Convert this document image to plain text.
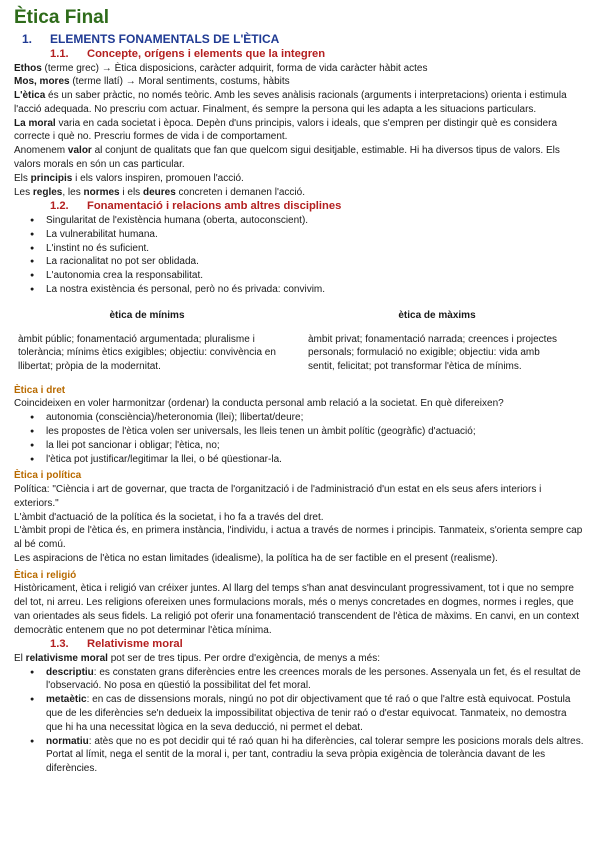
Ètica Final
1. ELEMENTS FONAMENTALS DE L'ÈTICA
1.1. Concepte, orígens i elements que la integren

Ethos (terme grec) → Ètica disposicions, caràcter adquirit, forma de vida caràcter hàbit actes

Mos, mores (terme llatí) → Moral sentiments, costums, hàbits

L'ètica és un saber pràctic, no només teòric. Amb les seves anàlisis racionals (arguments i interpretacions) orienta i estimula l'acció adequada. No prescriu com actuar. Finalment, és sempre la persona qui les adapta a les situacions particulars.

La moral varia en cada societat i època. Depèn d'uns principis, valors i ideals, que s'empren per distingir què es considera correcte i què no. Prescriu formes de vida i de comportament.

Anomenem valor al conjunt de qualitats que fan que quelcom sigui desitjable, estimable. Hi ha diversos tipus de valors. Els valors morals en són un cas particular.

Els principis i els valors inspiren, promouen l'acció.

Les regles, les normes i els deures concreten i demanen l'acció.

1.2. Fonamentació i relacions amb altres disciplines
● Singularitat de l'existència humana (oberta, autoconscient).
● La vulnerabilitat humana.
● L'instint no és suficient.
● La racionalitat no pot ser oblidada.
● L'autonomia crea la responsabilitat.
● La nostra existència és personal, però no és privada: convivim.
ètica de mínims
àmbit públic; fonamentació argumentada; pluralisme i tolerància; mínims ètics exigibles; objectiu: convivència en llibertat; pròpia de la modernitat.
ètica de màxims
àmbit privat; fonamentació narrada; creences i projectes personals; formulació no exigible; objectiu: vida amb sentit, felicitat; pot transformar l'ètica de mínims.
Ètica i dret

Coincideixen en voler harmonitzar (ordenar) la conducta personal amb relació a la societat. En què difereixen?

● autonomia (consciència)/heteronomia (llei); llibertat/deure;
● les propostes de l'ètica volen ser universals, les lleis tenen un àmbit polític (geogràfic) d'actuació;
● la llei pot sancionar i obligar; l'ètica, no;
● l'ètica pot justificar/legitimar la llei, o bé qüestionar-la.
Ètica i política

Política: "Ciència i art de governar, que tracta de l'organització i de l'administració d'un estat en els seus afers interiors i exteriors."

L'àmbit d'actuació de la política és la societat, i ho fa a través del dret.

L'àmbit propi de l'ètica és, en primera instància, l'individu, i actua a través de normes i principis. Tanmateix, s'orienta sempre cap al bé comú.

Les aspiracions de l'ètica no estan limitades (idealisme), la política ha de ser factible en el present (realisme).

Ètica i religió

Històricament, ètica i religió van créixer juntes. Al llarg del temps s'han anat desvinculant progressivament, tot i que no sempre del tot, ni arreu. Les religions ofereixen unes formulacions morals, més o menys concretades en dogmes, normes i regles, que van orientades als seus fidels. La religió pot oferir una fonamentació transcendent de l'ètica de màxims. En canvi, en un context democràtic entenem que no pot determinar l'ètica mínima.

1.3. Relativisme moral

El relativisme moral pot ser de tres tipus. Per ordre d'exigència, de menys a més:

● descriptiu: es constaten grans diferències entre les creences morals de les persones. Assenyala un fet, és el resultat de l'observació. No posa en qüestió la possibilitat del fet moral.
● metaètic: en cas de dissensions morals, ningú no pot dir objectivament que té raó o que l'altre està equivocat. Postula que de les diferències se'n dedueix la impossibilitat objectiva de tenir raó o d'estar equivocat. Tanmateix, no demostra que hi ha una necessitat lògica en la seva deducció, ni permet el debat.
● normatiu: atès que no es pot decidir qui té raó quan hi ha diferències, cal tolerar sempre les posicions morals dels altres. Portat al límit, nega el sentit de la moral i, per tant, contradiu la seva pròpia exigència de tolerància davant de les diferències.
